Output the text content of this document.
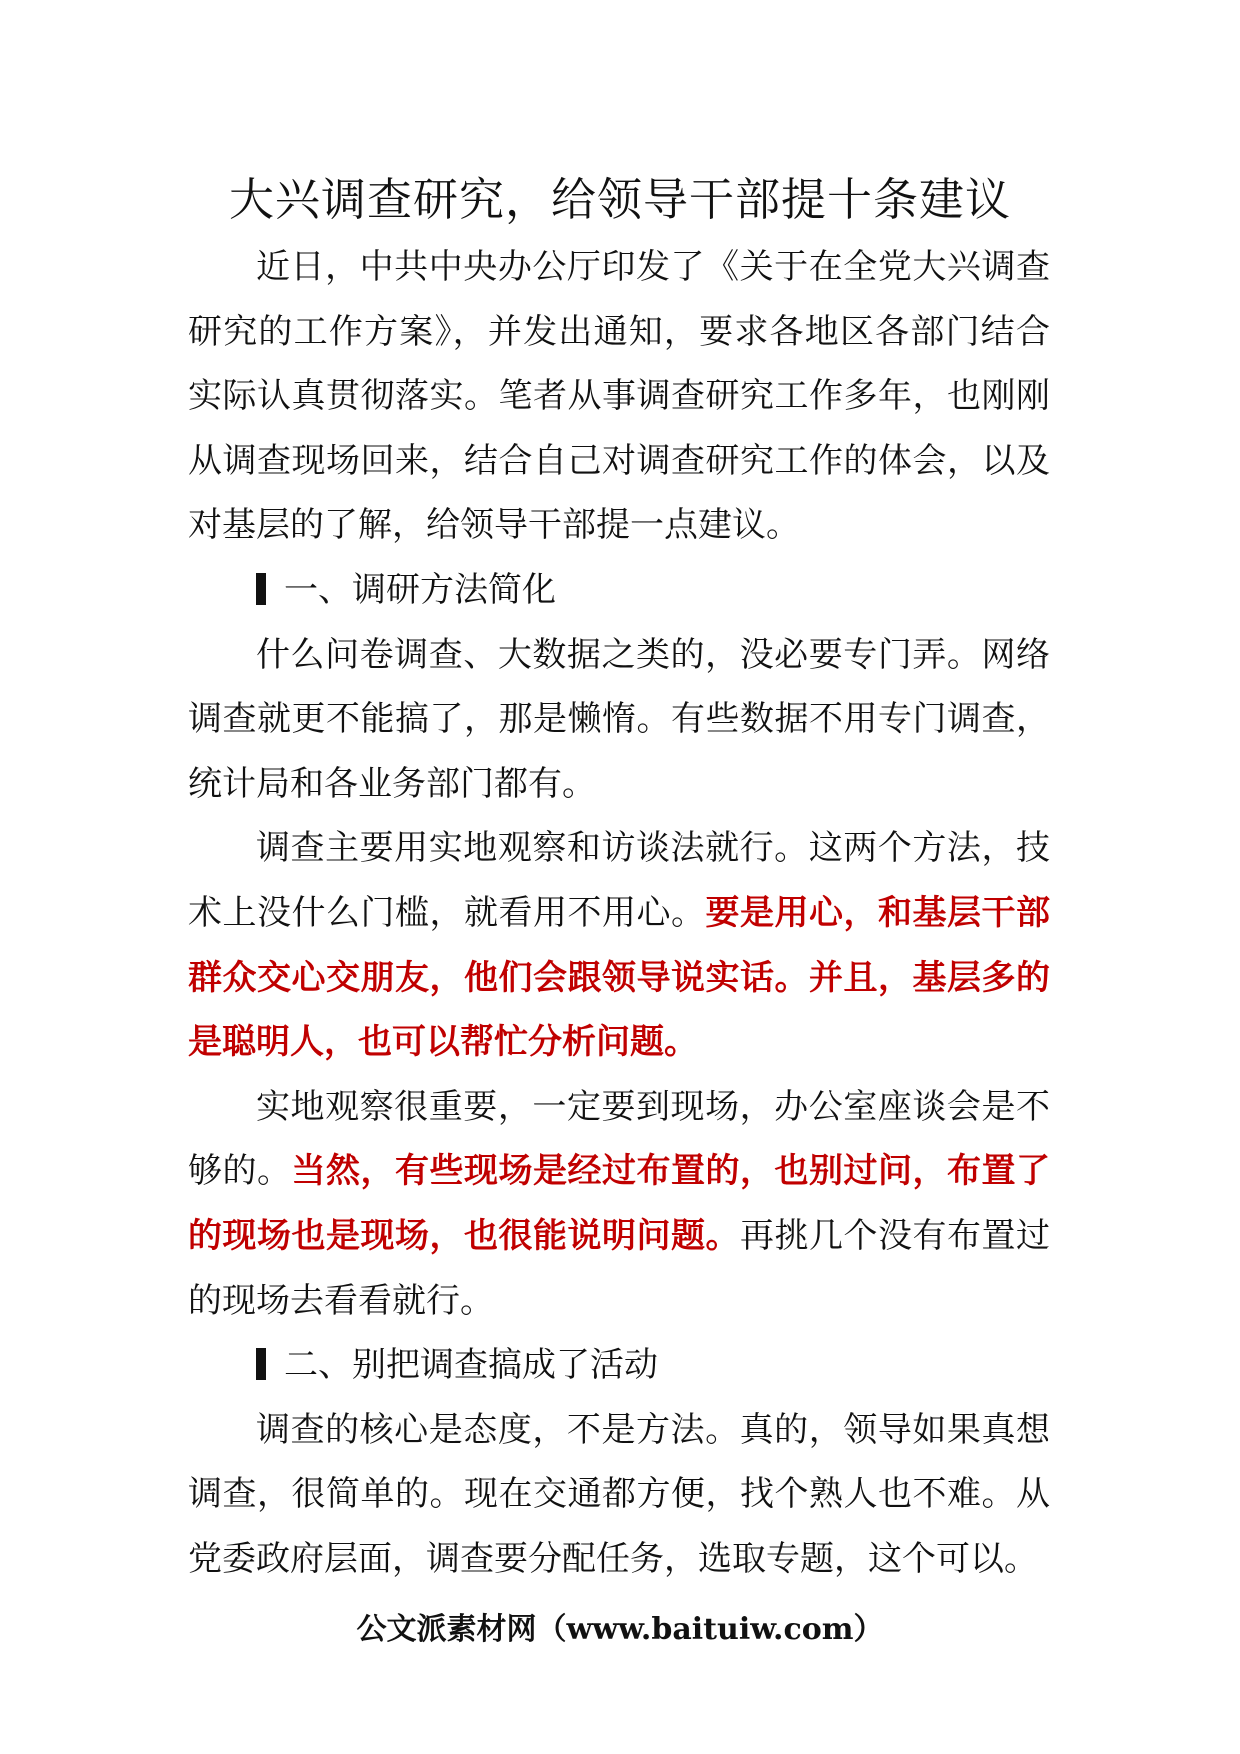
大兴调查研究，给领导干部提十条建议

近日，中共中央办公厅印发了《关于在全党大兴调查研究的工作方案》，并发出通知，要求各地区各部门结合实际认真贯彻落实。笔者从事调查研究工作多年，也刚刚从调查现场回来，结合自己对调查研究工作的体会，以及对基层的了解，给领导干部提一点建议。

一、调研方法简化

什么问卷调查、大数据之类的，没必要专门弄。网络调查就更不能搞了，那是懒惰。有些数据不用专门调查，统计局和各业务部门都有。

调查主要用实地观察和访谈法就行。这两个方法，技术上没什么门槛，就看用不用心。要是用心，和基层干部群众交心交朋友，他们会跟领导说实话。并且，基层多的是聪明人，也可以帮忙分析问题。

实地观察很重要，一定要到现场，办公室座谈会是不够的。当然，有些现场是经过布置的，也别过问，布置了的现场也是现场，也很能说明问题。再挑几个没有布置过的现场去看看就行。

二、别把调查搞成了活动

调查的核心是态度，不是方法。真的，领导如果真想调查，很简单的。现在交通都方便，找个熟人也不难。从党委政府层面，调查要分配任务，选取专题，这个可以。

公文派素材网（www.baituiw.com）
